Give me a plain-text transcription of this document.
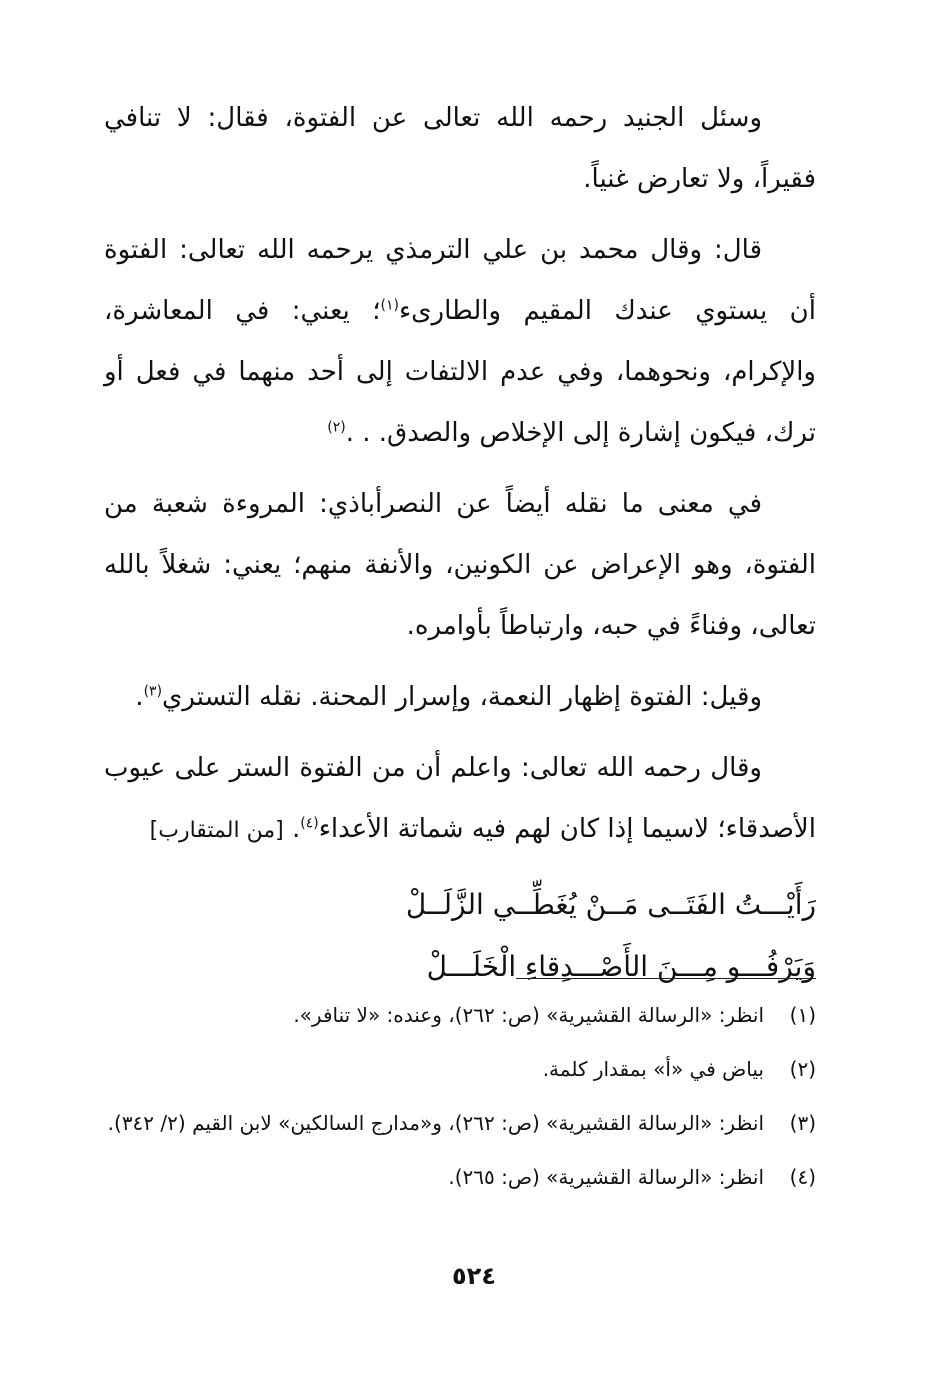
وسئل الجنيد رحمه الله تعالى عن الفتوة، فقال: لا تنافي فقيراً، ولا تعارض غنياً.

قال: وقال محمد بن علي الترمذي يرحمه الله تعالى: الفتوة أن يستوي عندك المقيم والطارىء$^{(١)}$؛ يعني: في المعاشرة، والإكرام، ونحوهما، وفي عدم الالتفات إلى أحد منهما في فعل أو ترك، فيكون إشارة إلى الإخلاص والصدق. . .$^{(٢)}$

في معنى ما نقله أيضاً عن النصرأباذي: المروءة شعبة من الفتوة، وهو الإعراض عن الكونين، والأنفة منهم؛ يعني: شغلاً بالله تعالى، وفناءً في حبه، وارتباطاً بأوامره.

وقيل: الفتوة إظهار النعمة، وإسرار المحنة. نقله التستري$^{(٣)}$.

وقال رحمه الله تعالى: واعلم أن من الفتوة الستر على عيوب الأصدقاء؛ لاسيما إذا كان لهم فيه شماتة الأعداء$^{(٤)}$. [من المتقارب]

رَأَيْـــتُ الفَتَــى مَــنْ يُغَطِّــي الزَّلَــلْ
وَيَرْفُـــو مِـــنَ الأَصْـــدِقاءِ الْخَلَـــلْ
(١)
انظر: «الرسالة القشيرية» (ص: ٢٦٢)، وعنده: «لا تنافر».
(٢)
بياض في «أ» بمقدار كلمة.
(٣)
انظر: «الرسالة القشيرية» (ص: ٢٦٢)، و«مدارج السالكين» لابن القيم (٢/ ٣٤٢).
(٤)
انظر: «الرسالة القشيرية» (ص: ٢٦٥).
٥٢٤
